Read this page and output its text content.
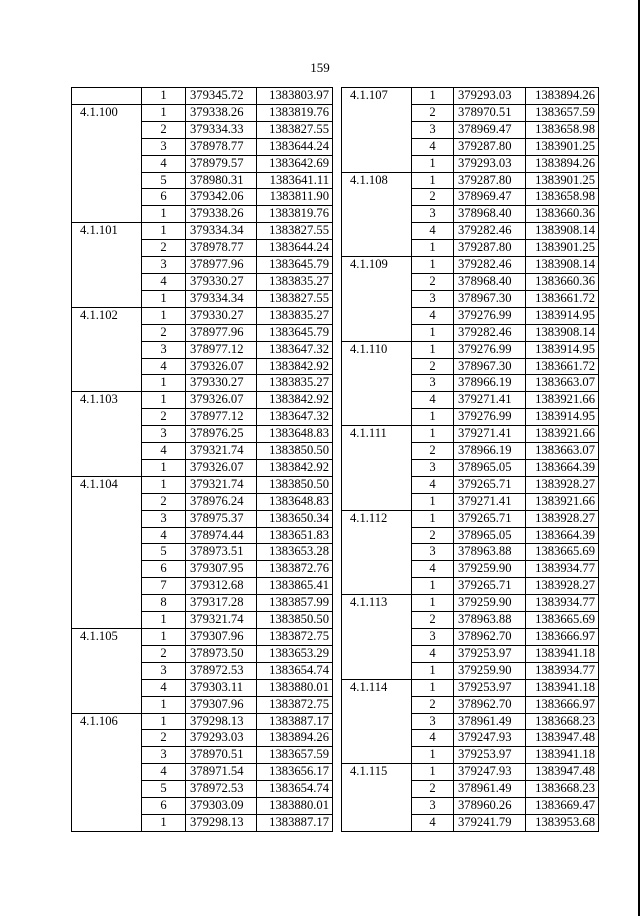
159
	1	379345.72	1383803.97
4.1.100	1	379338.26	1383819.76
	2	379334.33	1383827.55
	3	378978.77	1383644.24
	4	378979.57	1383642.69
	5	378980.31	1383641.11
	6	379342.06	1383811.90
	1	379338.26	1383819.76
4.1.101	1	379334.34	1383827.55
	2	378978.77	1383644.24
	3	378977.96	1383645.79
	4	379330.27	1383835.27
	1	379334.34	1383827.55
4.1.102	1	379330.27	1383835.27
	2	378977.96	1383645.79
	3	378977.12	1383647.32
	4	379326.07	1383842.92
	1	379330.27	1383835.27
4.1.103	1	379326.07	1383842.92
	2	378977.12	1383647.32
	3	378976.25	1383648.83
	4	379321.74	1383850.50
	1	379326.07	1383842.92
4.1.104	1	379321.74	1383850.50
	2	378976.24	1383648.83
	3	378975.37	1383650.34
	4	378974.44	1383651.83
	5	378973.51	1383653.28
	6	379307.95	1383872.76
	7	379312.68	1383865.41
	8	379317.28	1383857.99
	1	379321.74	1383850.50
4.1.105	1	379307.96	1383872.75
	2	378973.50	1383653.29
	3	378972.53	1383654.74
	4	379303.11	1383880.01
	1	379307.96	1383872.75
4.1.106	1	379298.13	1383887.17
	2	379293.03	1383894.26
	3	378970.51	1383657.59
	4	378971.54	1383656.17
	5	378972.53	1383654.74
	6	379303.09	1383880.01
	1	379298.13	1383887.17
4.1.107	1	379293.03	1383894.26
	2	378970.51	1383657.59
	3	378969.47	1383658.98
	4	379287.80	1383901.25
	1	379293.03	1383894.26
4.1.108	1	379287.80	1383901.25
	2	378969.47	1383658.98
	3	378968.40	1383660.36
	4	379282.46	1383908.14
	1	379287.80	1383901.25
4.1.109	1	379282.46	1383908.14
	2	378968.40	1383660.36
	3	378967.30	1383661.72
	4	379276.99	1383914.95
	1	379282.46	1383908.14
4.1.110	1	379276.99	1383914.95
	2	378967.30	1383661.72
	3	378966.19	1383663.07
	4	379271.41	1383921.66
	1	379276.99	1383914.95
4.1.111	1	379271.41	1383921.66
	2	378966.19	1383663.07
	3	378965.05	1383664.39
	4	379265.71	1383928.27
	1	379271.41	1383921.66
4.1.112	1	379265.71	1383928.27
	2	378965.05	1383664.39
	3	378963.88	1383665.69
	4	379259.90	1383934.77
	1	379265.71	1383928.27
4.1.113	1	379259.90	1383934.77
	2	378963.88	1383665.69
	3	378962.70	1383666.97
	4	379253.97	1383941.18
	1	379259.90	1383934.77
4.1.114	1	379253.97	1383941.18
	2	378962.70	1383666.97
	3	378961.49	1383668.23
	4	379247.93	1383947.48
	1	379253.97	1383941.18
4.1.115	1	379247.93	1383947.48
	2	378961.49	1383668.23
	3	378960.26	1383669.47
	4	379241.79	1383953.68
